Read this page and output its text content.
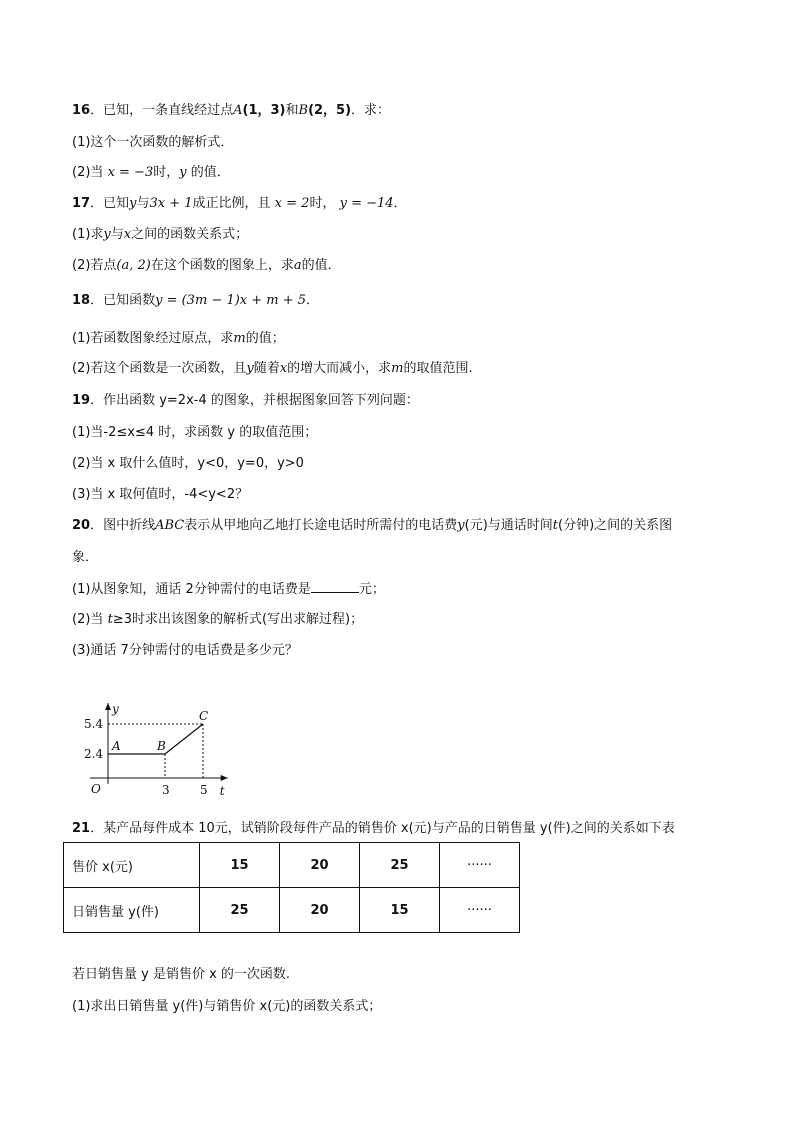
16．已知，一条直线经过点A(1，3)和B(2，5)．求：
(1)这个一次函数的解析式．
(2)当 x = −3时，y 的值．
17．已知y与3x + 1成正比例，且 x = 2时， y = −14．
(1)求y与x之间的函数关系式；
(2)若点(a, 2)在这个函数的图象上，求a的值．
18．已知函数y = (3m − 1)x + m + 5．
(1)若函数图象经过原点，求m的值；
(2)若这个函数是一次函数，且y随着x的增大而减小，求m的取值范围.
19．作出函数 y=2x-4 的图象，并根据图象回答下列问题：
(1)当-2≤x≤4 时，求函数 y 的取值范围；
(2)当 x 取什么值时，y<0，y=0，y>0
(3)当 x 取何值时，-4<y<2？
20．图中折线ABC表示从甲地向乙地打长途电话时所需付的电话费y(元)与通话时间t(分钟)之间的关系图
象．
(1)从图象知，通话 2分钟需付的电话费是	元；
(2)当 t≥3时求出该图象的解析式(写出求解过程)；
(3)通话 7分钟需付的电话费是多少元？
t
y
O
A	B
C
3	5
2.4
5.4
21．某产品每件成本 10元，试销阶段每件产品的销售价 x(元)与产品的日销售量 y(件)之间的关系如下表
售价 x(元)	15	20	25	······
日销售量 y(件)	25	20	15	······
若日销售量 y 是销售价 x 的一次函数.
(1)求出日销售量 y(件)与销售价 x(元)的函数关系式；
